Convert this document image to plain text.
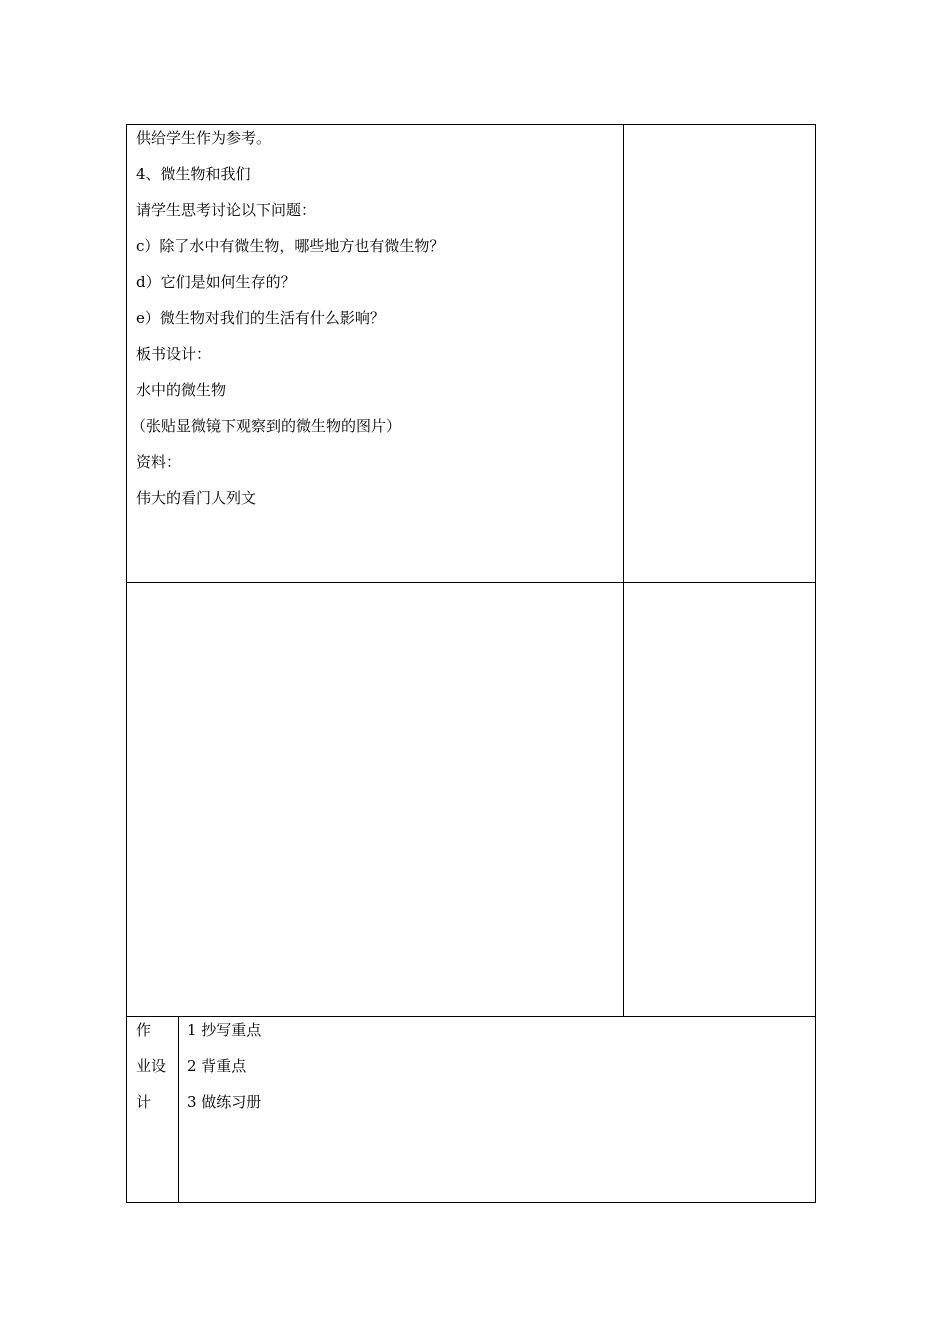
供给学生作为参考。
4、微生物和我们
请学生思考讨论以下问题：
c）除了水中有微生物，哪些地方也有微生物？
d）它们是如何生存的？
e）微生物对我们的生活有什么影响？
板书设计：
水中的微生物
（张贴显微镜下观察到的微生物的图片）
资料：
伟大的看门人列文
作
业设
计
1 抄写重点
2 背重点
3 做练习册
